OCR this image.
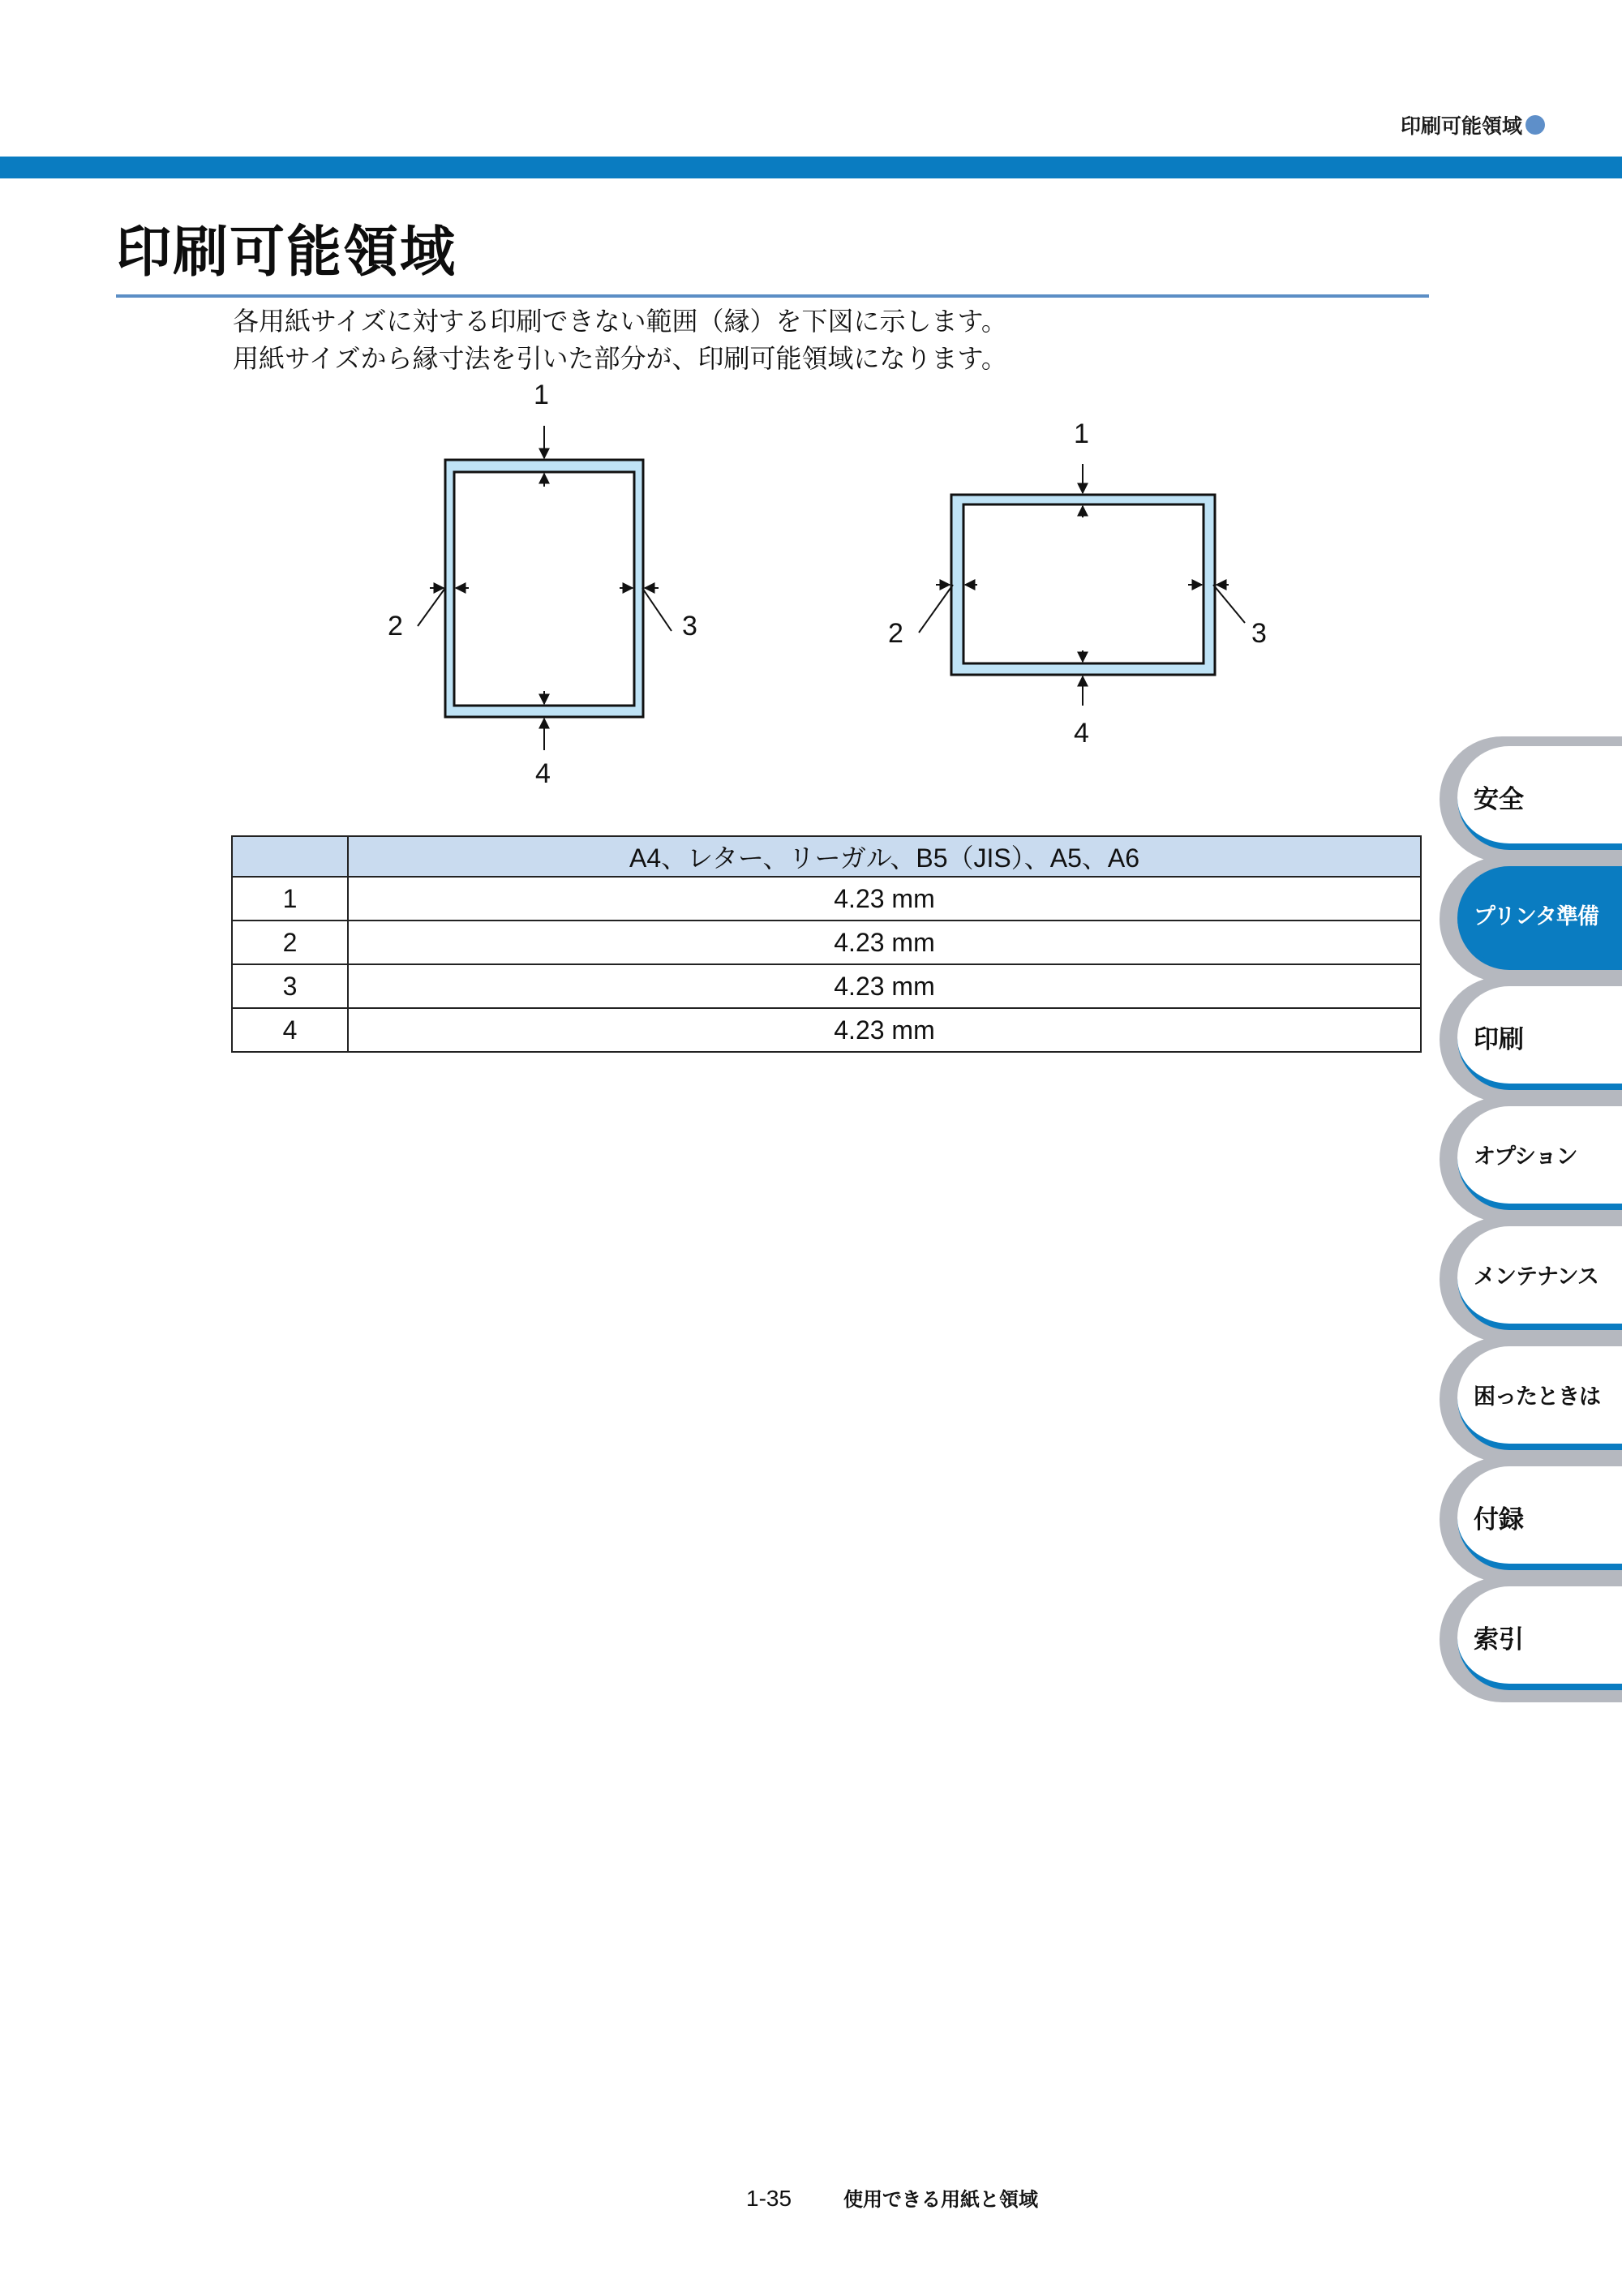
印刷可能領域
印刷可能領域

各用紙サイズに対する印刷できない範囲（縁）を下図に示します。

用紙サイズから縁寸法を引いた部分が、印刷可能領域になります。

1
2	3
4
1
2	3
4
	A4、レター、リーガル、B5（JIS）、A5、A6
1	4.23 mm
2	4.23 mm
3	4.23 mm
4	4.23 mm
安全
プリンタ準備
印刷
オプション
メンテナンス
困ったときは
付録
索引
1-35	使用できる用紙と領域
